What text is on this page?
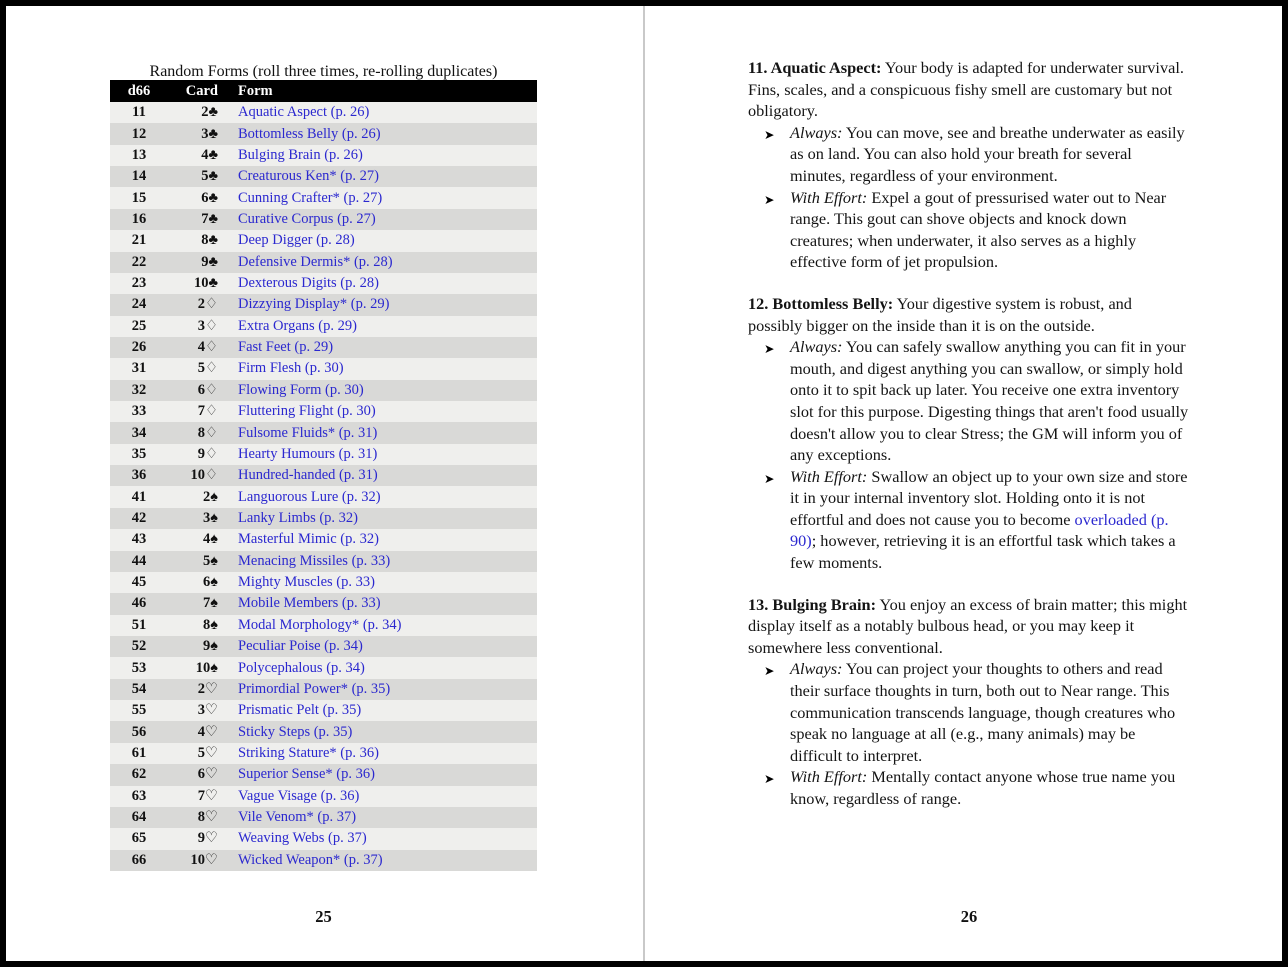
Random Forms (roll three times, re-rolling duplicates)
d66	Card	Form
11	2♣	Aquatic Aspect (p. 26)
12	3♣	Bottomless Belly (p. 26)
13	4♣	Bulging Brain (p. 26)
14	5♣	Creaturous Ken* (p. 27)
15	6♣	Cunning Crafter* (p. 27)
16	7♣	Curative Corpus (p. 27)
21	8♣	Deep Digger (p. 28)
22	9♣	Defensive Dermis* (p. 28)
23	10♣	Dexterous Digits (p. 28)
24	2♢	Dizzying Display* (p. 29)
25	3♢	Extra Organs (p. 29)
26	4♢	Fast Feet (p. 29)
31	5♢	Firm Flesh (p. 30)
32	6♢	Flowing Form (p. 30)
33	7♢	Fluttering Flight (p. 30)
34	8♢	Fulsome Fluids* (p. 31)
35	9♢	Hearty Humours (p. 31)
36	10♢	Hundred-handed (p. 31)
41	2♠	Languorous Lure (p. 32)
42	3♠	Lanky Limbs (p. 32)
43	4♠	Masterful Mimic (p. 32)
44	5♠	Menacing Missiles (p. 33)
45	6♠	Mighty Muscles (p. 33)
46	7♠	Mobile Members (p. 33)
51	8♠	Modal Morphology* (p. 34)
52	9♠	Peculiar Poise (p. 34)
53	10♠	Polycephalous (p. 34)
54	2♡	Primordial Power* (p. 35)
55	3♡	Prismatic Pelt (p. 35)
56	4♡	Sticky Steps (p. 35)
61	5♡	Striking Stature* (p. 36)
62	6♡	Superior Sense* (p. 36)
63	7♡	Vague Visage (p. 36)
64	8♡	Vile Venom* (p. 37)
65	9♡	Weaving Webs (p. 37)
66	10♡	Wicked Weapon* (p. 37)
25
11. Aquatic Aspect: Your body is adapted for underwater survival. Fins, scales, and a conspicuous fishy smell are customary but not obligatory.
➤ Always: You can move, see and breathe underwater as easily as on land. You can also hold your breath for several minutes, regardless of your environment.
➤ With Effort: Expel a gout of pressurised water out to Near range. This gout can shove objects and knock down creatures; when underwater, it also serves as a highly effective form of jet propulsion.
12. Bottomless Belly: Your digestive system is robust, and possibly bigger on the inside than it is on the outside.
➤ Always: You can safely swallow anything you can fit in your mouth, and digest anything you can swallow, or simply hold onto it to spit back up later. You receive one extra inventory slot for this purpose. Digesting things that aren't food usually doesn't allow you to clear Stress; the GM will inform you of any exceptions.
➤ With Effort: Swallow an object up to your own size and store it in your internal inventory slot. Holding onto it is not effortful and does not cause you to become overloaded (p. 90); however, retrieving it is an effortful task which takes a few moments.
13. Bulging Brain: You enjoy an excess of brain matter; this might display itself as a notably bulbous head, or you may keep it somewhere less conventional.
➤ Always: You can project your thoughts to others and read their surface thoughts in turn, both out to Near range. This communication transcends language, though creatures who speak no language at all (e.g., many animals) may be difficult to interpret.
➤ With Effort: Mentally contact anyone whose true name you know, regardless of range.
26
